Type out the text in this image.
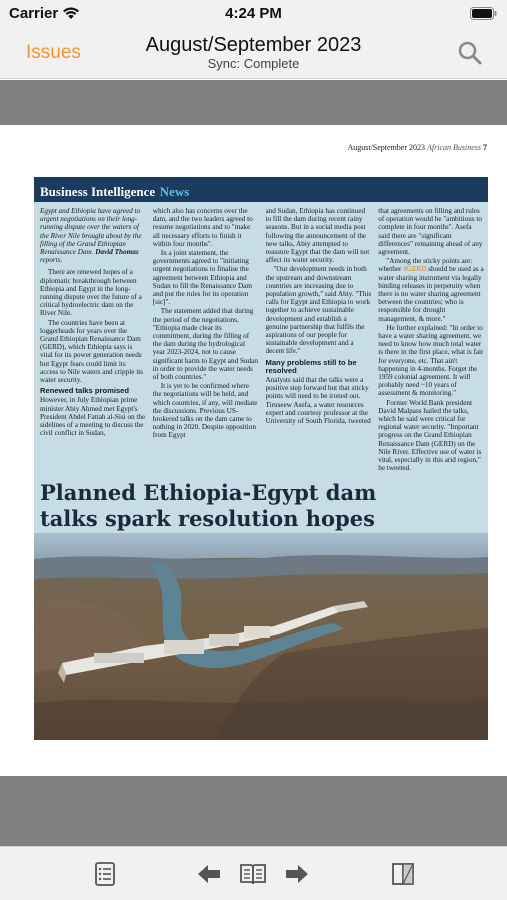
Carrier	4:24 PM
Issues	August/September 2023
Sync: Complete
August/September 2023 African Business 7
Business Intelligence News

Egypt and Ethiopia have agreed to urgent negotiations on their long-running dispute over the waters of the River Nile brought about by the filling of the Grand Ethiopian Renaissance Dam. David Thomas reports.

There are renewed hopes of a diplomatic breakthrough between Ethiopia and Egypt in the long-running dispute over the future of a critical hydroelectric dam on the River Nile.

The countries have been at loggerheads for years over the Grand Ethiopian Renaissance Dam (GERD), which Ethiopia says is vital for its power generation needs but Egypt fears could limit its access to Nile waters and cripple its water security.

Renewed talks promised

However, in July Ethiopian prime minister Abiy Ahmed met Egypt's President Abdel Fattah al-Sisi on the sidelines of a meeting to discuss the civil conflict in Sudan,

which also has concerns over the dam, and the two leaders agreed to resume negotiations and to "make all necessary efforts to finish it within four months".

In a joint statement, the governments agreed to "initiating urgent negotiations to finalise the agreement between Ethiopia and Sudan to fill the Renaissance Dam and put the rules for its operation [sic]".

The statement added that during the period of the negotiations, "Ethiopia made clear its commitment, during the filling of the dam during the hydrological year 2023-2024, not to cause significant harm to Egypt and Sudan in order to provide the water needs of both countries."

It is yet to be confirmed where the negotiations will be held, and which countries, if any, will mediate the discussions. Previous US-brokered talks on the dam came to nothing in 2020. Despite opposition from Egypt

and Sudan, Ethiopia has continued to fill the dam during recent rainy seasons. But in a social media post following the announcement of the new talks, Abiy attempted to reassure Egypt that the dam will not affect its water security.

"Our development needs in both the upstream and downstream countries are increasing due to population growth," said Abiy. "This calls for Egypt and Ethiopia to work together to achieve sustainable development and establish a genuine partnership that fulfils the aspirations of our people for sustainable development and a decent life."

Many problems still to be resolved

Analysts said that the talks were a positive step forward but that sticky points will need to be ironed out. Tiruseew Asefa, a water resources expert and courtesy professor at the University of South Florida, tweeted

that agreements on filling and rules of operation would be "ambitious to complete in four months". Asefa said there are "significant differences" remaining ahead of any agreement.

"Among the sticky points are: whether #GERD should be used as a water sharing instrument via legally binding releases in perpetuity when there is no water sharing agreement between the countries; who is responsible for drought management, & more."

He further explained: "In order to have a water sharing agreement, we need to know how much total water is there in the first place, what is fair for everyone, etc. That ain't happening in 4-months. Forget the 1959 colonial agreement. It will probably need ~10 years of assessment & monitoring."

Former World Bank president David Malpass hailed the talks, which he said were critical for regional water security. "Important progress on the Grand Ethiopian Renaissance Dam (GERD) on the Nile River. Effective use of water is vital, especially in this arid region," he tweeted.

Planned Ethiopia-Egypt dam
talks spark resolution hopes
